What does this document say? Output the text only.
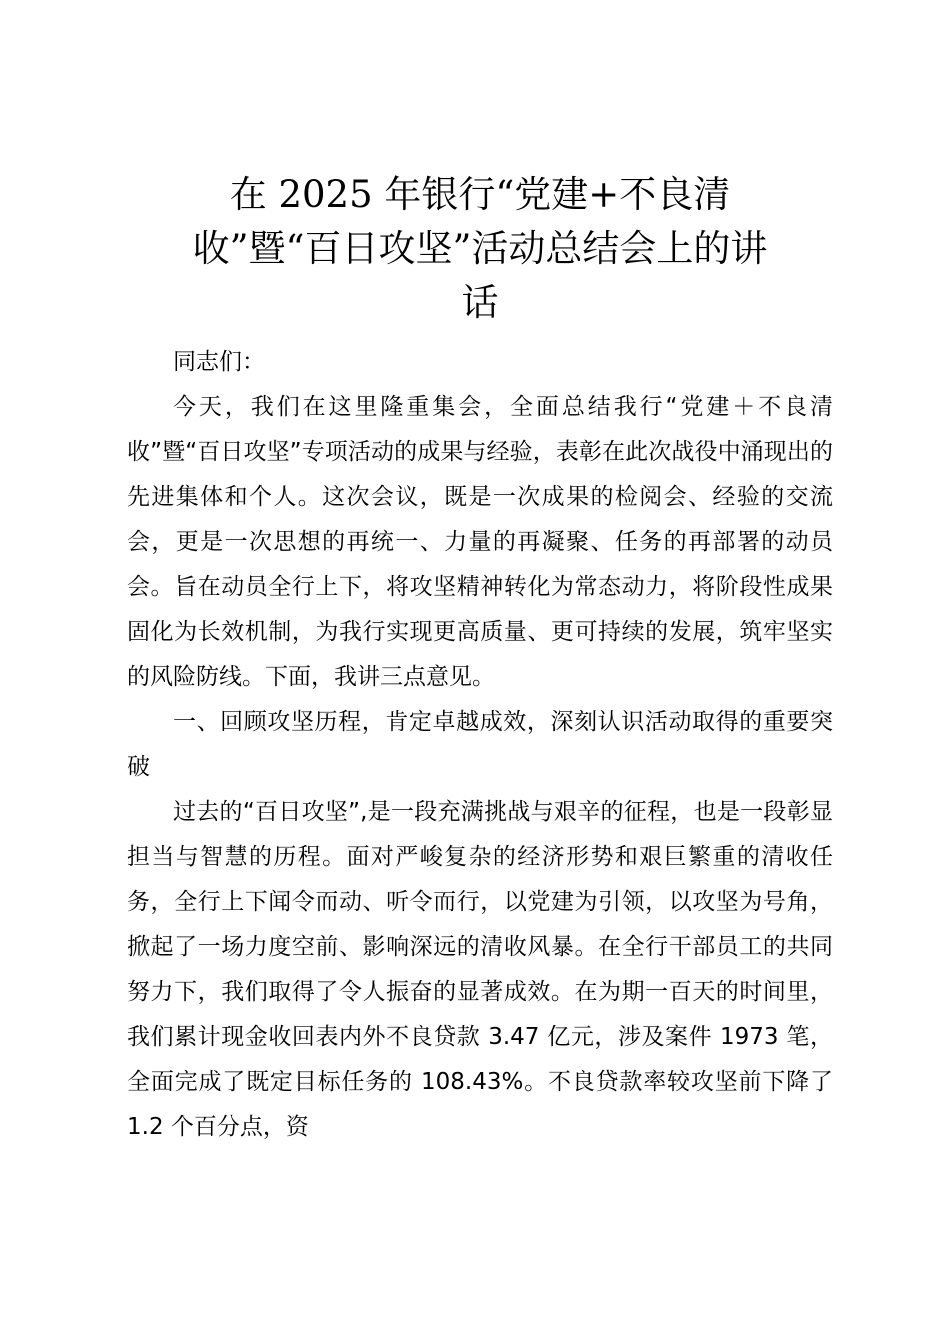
在 2025 年银行“党建+不良清
收”暨“百日攻坚”活动总结会上的讲
话

同志们：

今天，我们在这里隆重集会，全面总结我行“党建＋不良清收”暨“百日攻坚”专项活动的成果与经验，表彰在此次战役中涌现出的先进集体和个人。这次会议，既是一次成果的检阅会、经验的交流会，更是一次思想的再统一、力量的再凝聚、任务的再部署的动员会。旨在动员全行上下，将攻坚精神转化为常态动力，将阶段性成果固化为长效机制，为我行实现更高质量、更可持续的发展，筑牢坚实的风险防线。下面，我讲三点意见。

一、回顾攻坚历程，肯定卓越成效，深刻认识活动取得的重要突破

过去的“百日攻坚”,是一段充满挑战与艰辛的征程，也是一段彰显担当与智慧的历程。面对严峻复杂的经济形势和艰巨繁重的清收任务，全行上下闻令而动、听令而行，以党建为引领，以攻坚为号角，掀起了一场力度空前、影响深远的清收风暴。在全行干部员工的共同努力下，我们取得了令人振奋的显著成效。在为期一百天的时间里，我们累计现金收回表内外不良贷款 3.47 亿元，涉及案件 1973 笔，全面完成了既定目标任务的 108.43%。不良贷款率较攻坚前下降了 1.2 个百分点，资
